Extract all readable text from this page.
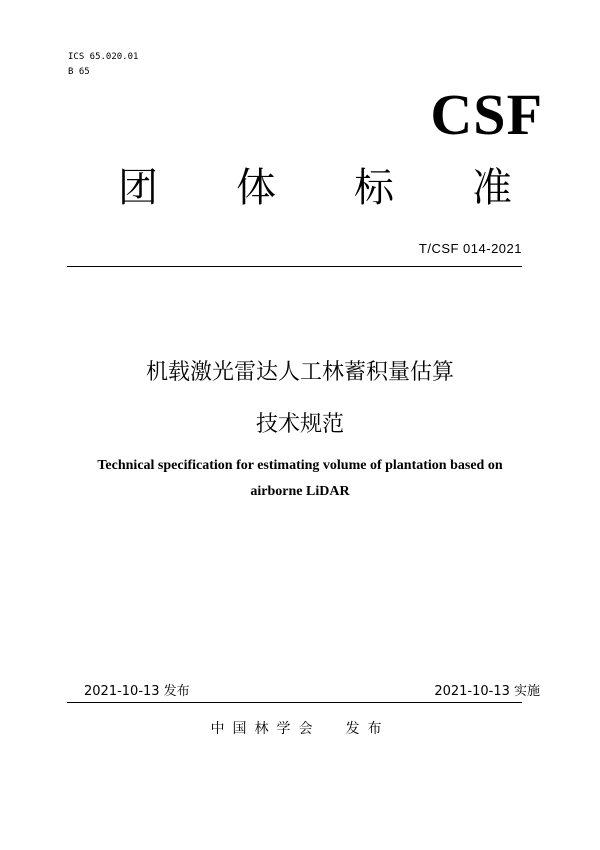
ICS 65.020.01
B 65
CSF
团 体 标 准
T/CSF 014-2021
机载激光雷达人工林蓄积量估算
技术规范
Technical specification for estimating volume of plantation based on
airborne LiDAR
2021-10-13 发布	2021-10-13 实施
中国林学会  发布
